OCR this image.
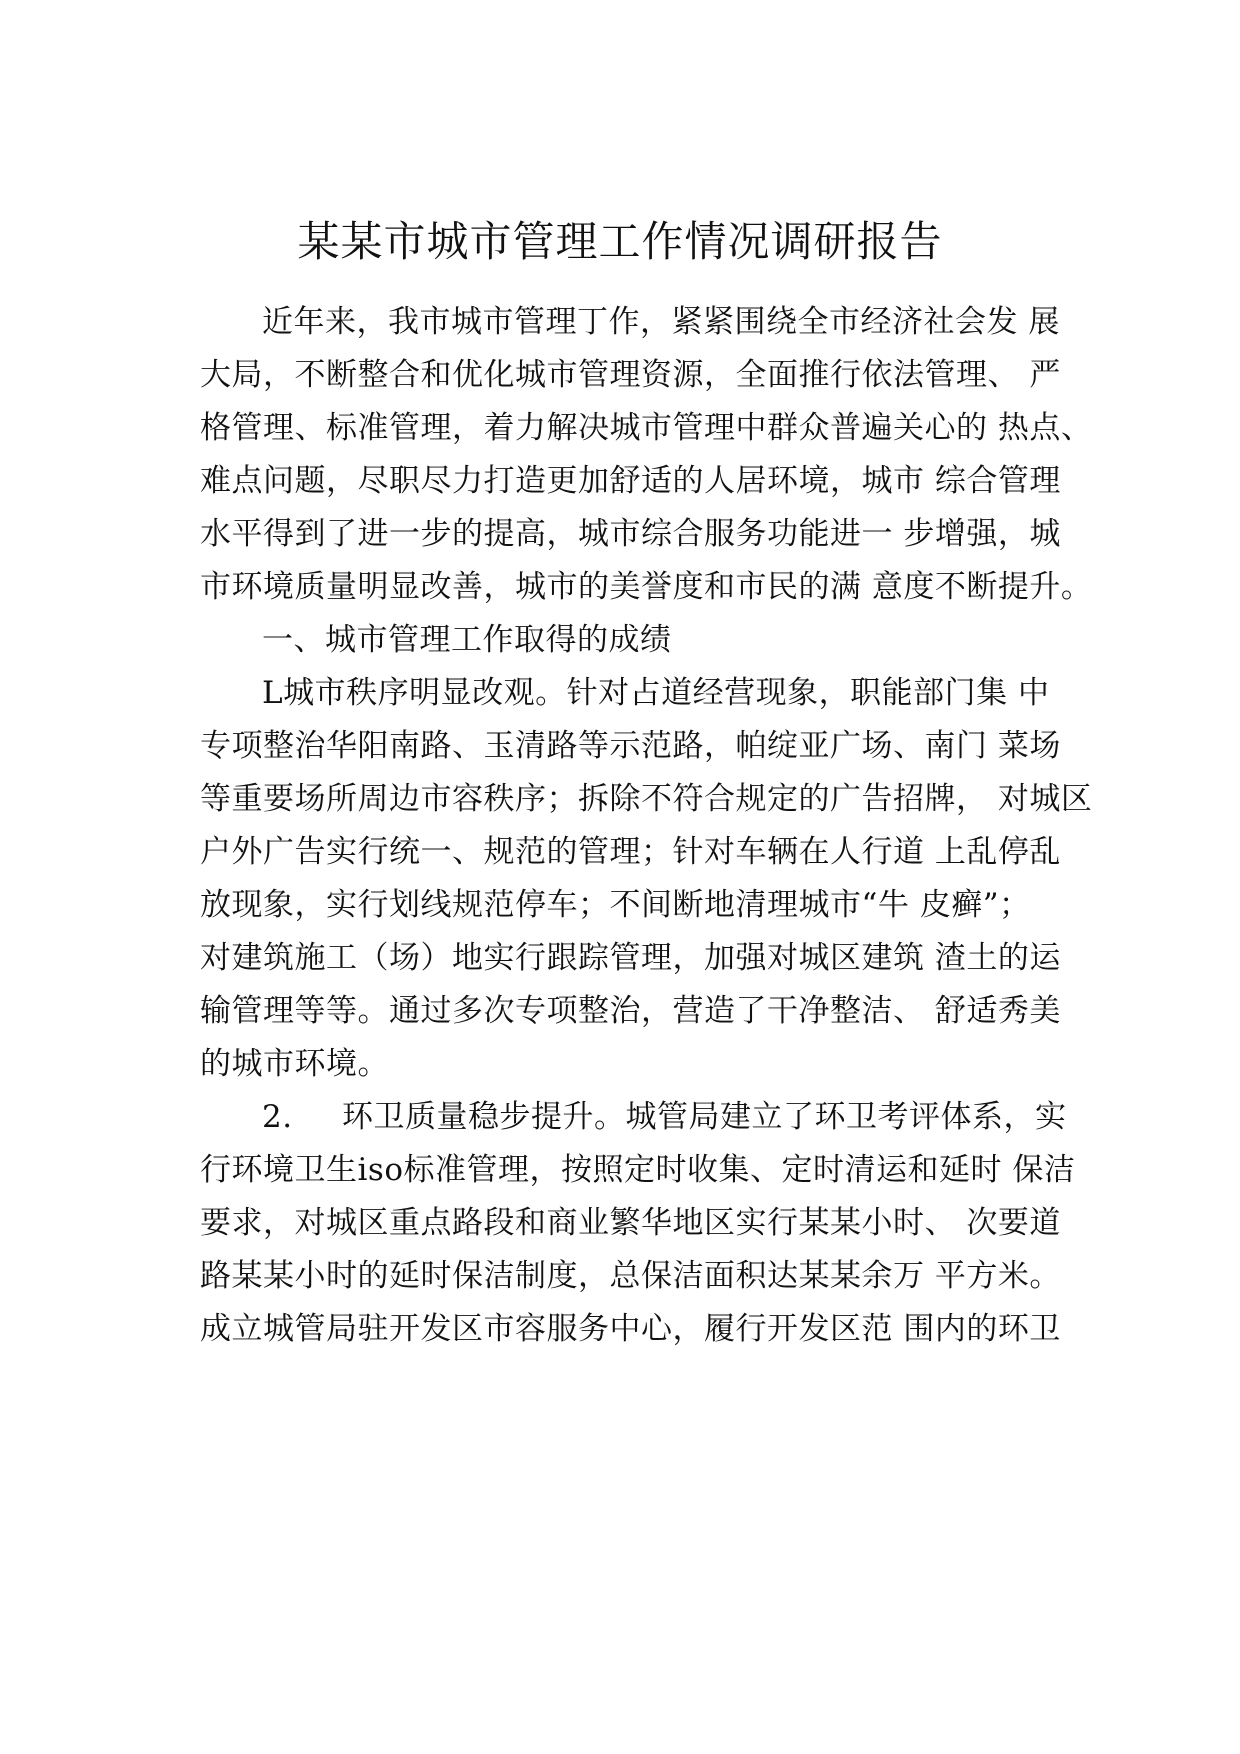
某某市城市管理工作情况调研报告
近年来，我市城市管理丁作，紧紧围绕全市经济社会发 展
大局，不断整合和优化城市管理资源，全面推行依法管理、 严
格管理、标准管理，着力解决城市管理中群众普遍关心的 热点、
难点问题，尽职尽力打造更加舒适的人居环境，城市 综合管理
水平得到了进一步的提高，城市综合服务功能进一 步增强，城
市环境质量明显改善，城市的美誉度和市民的满 意度不断提升。
一、城市管理工作取得的成绩
L城市秩序明显改观。针对占道经营现象，职能部门集 中
专项整治华阳南路、玉清路等示范路，帕绽亚广场、南门 菜场
等重要场所周边市容秩序；拆除不符合规定的广告招牌， 对城区
户外广告实行统一、规范的管理；针对车辆在人行道 上乱停乱
放现象，实行划线规范停车；不间断地清理城市“牛 皮癣”；
对建筑施工（场）地实行跟踪管理，加强对城区建筑 渣土的运
输管理等等。通过多次专项整治，营造了干净整洁、 舒适秀美
的城市环境。
2. 环卫质量稳步提升。城管局建立了环卫考评体系，实
行环境卫生iso标准管理，按照定时收集、定时清运和延时 保洁
要求，对城区重点路段和商业繁华地区实行某某小时、 次要道
路某某小时的延时保洁制度，总保洁面积达某某余万 平方米。
成立城管局驻开发区市容服务中心，履行开发区范 围内的环卫
